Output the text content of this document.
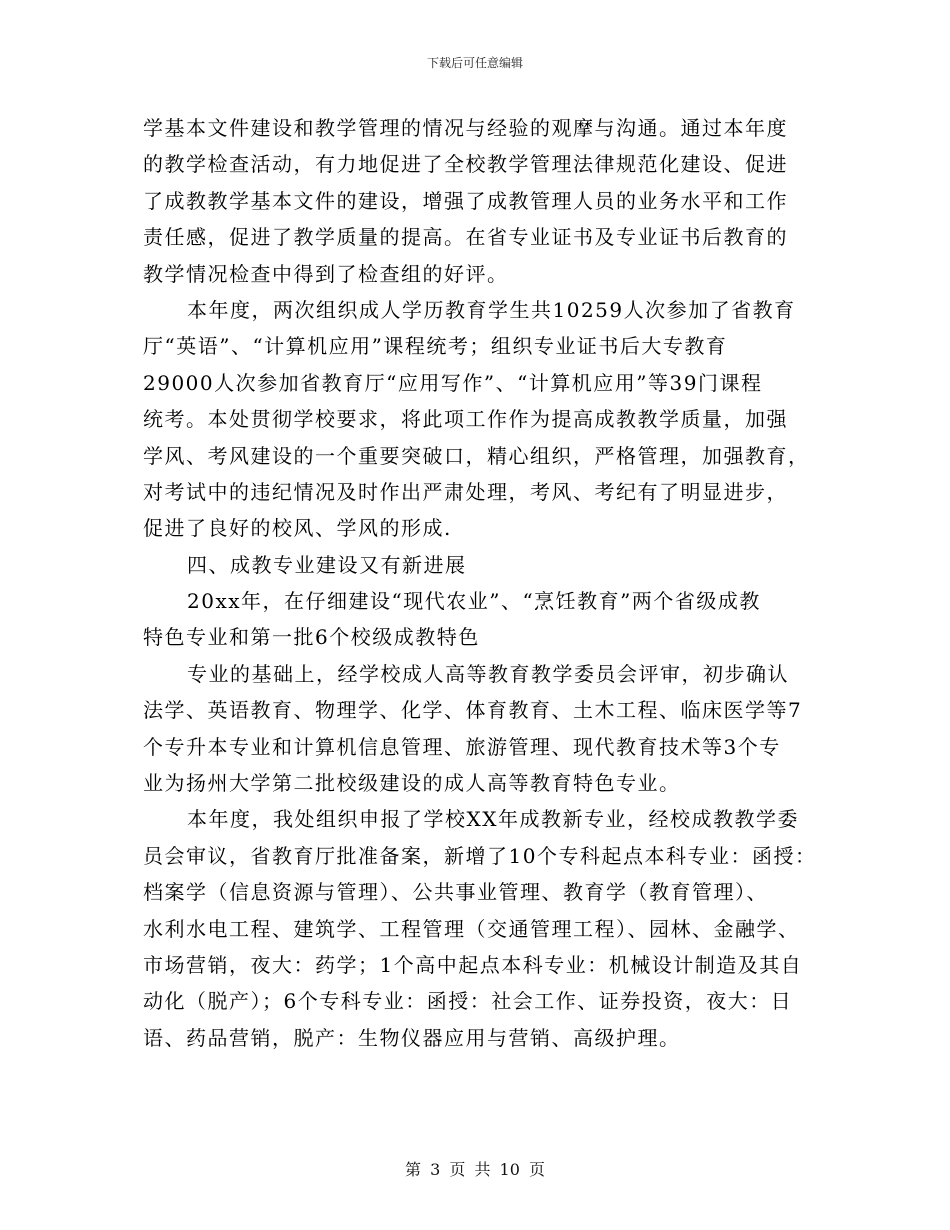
下载后可任意编辑
学基本文件建设和教学管理的情况与经验的观摩与沟通。通过本年度
的教学检查活动，有力地促进了全校教学管理法律规范化建设、促进
了成教教学基本文件的建设，增强了成教管理人员的业务水平和工作
责任感，促进了教学质量的提高。在省专业证书及专业证书后教育的
教学情况检查中得到了检查组的好评。
本年度，两次组织成人学历教育学生共10259人次参加了省教育
厅“英语”、“计算机应用”课程统考；组织专业证书后大专教育
29000人次参加省教育厅“应用写作”、“计算机应用”等39门课程
统考。本处贯彻学校要求，将此项工作作为提高成教教学质量，加强
学风、考风建设的一个重要突破口，精心组织，严格管理，加强教育，
对考试中的违纪情况及时作出严肃处理，考风、考纪有了明显进步，
促进了良好的校风、学风的形成.
四、成教专业建设又有新进展
20xx年，在仔细建设“现代农业”、“烹饪教育”两个省级成教
特色专业和第一批6个校级成教特色
专业的基础上，经学校成人高等教育教学委员会评审，初步确认
法学、英语教育、物理学、化学、体育教育、土木工程、临床医学等7
个专升本专业和计算机信息管理、旅游管理、现代教育技术等3个专
业为扬州大学第二批校级建设的成人高等教育特色专业。
本年度，我处组织申报了学校XX年成教新专业，经校成教教学委
员会审议，省教育厅批准备案，新增了10个专科起点本科专业：函授：
档案学（信息资源与管理）、公共事业管理、教育学（教育管理）、
水利水电工程、建筑学、工程管理（交通管理工程）、园林、金融学、
市场营销，夜大：药学；1个高中起点本科专业：机械设计制造及其自
动化（脱产）；6个专科专业：函授：社会工作、证券投资，夜大：日
语、药品营销，脱产：生物仪器应用与营销、高级护理。
第 3 页 共 10 页
